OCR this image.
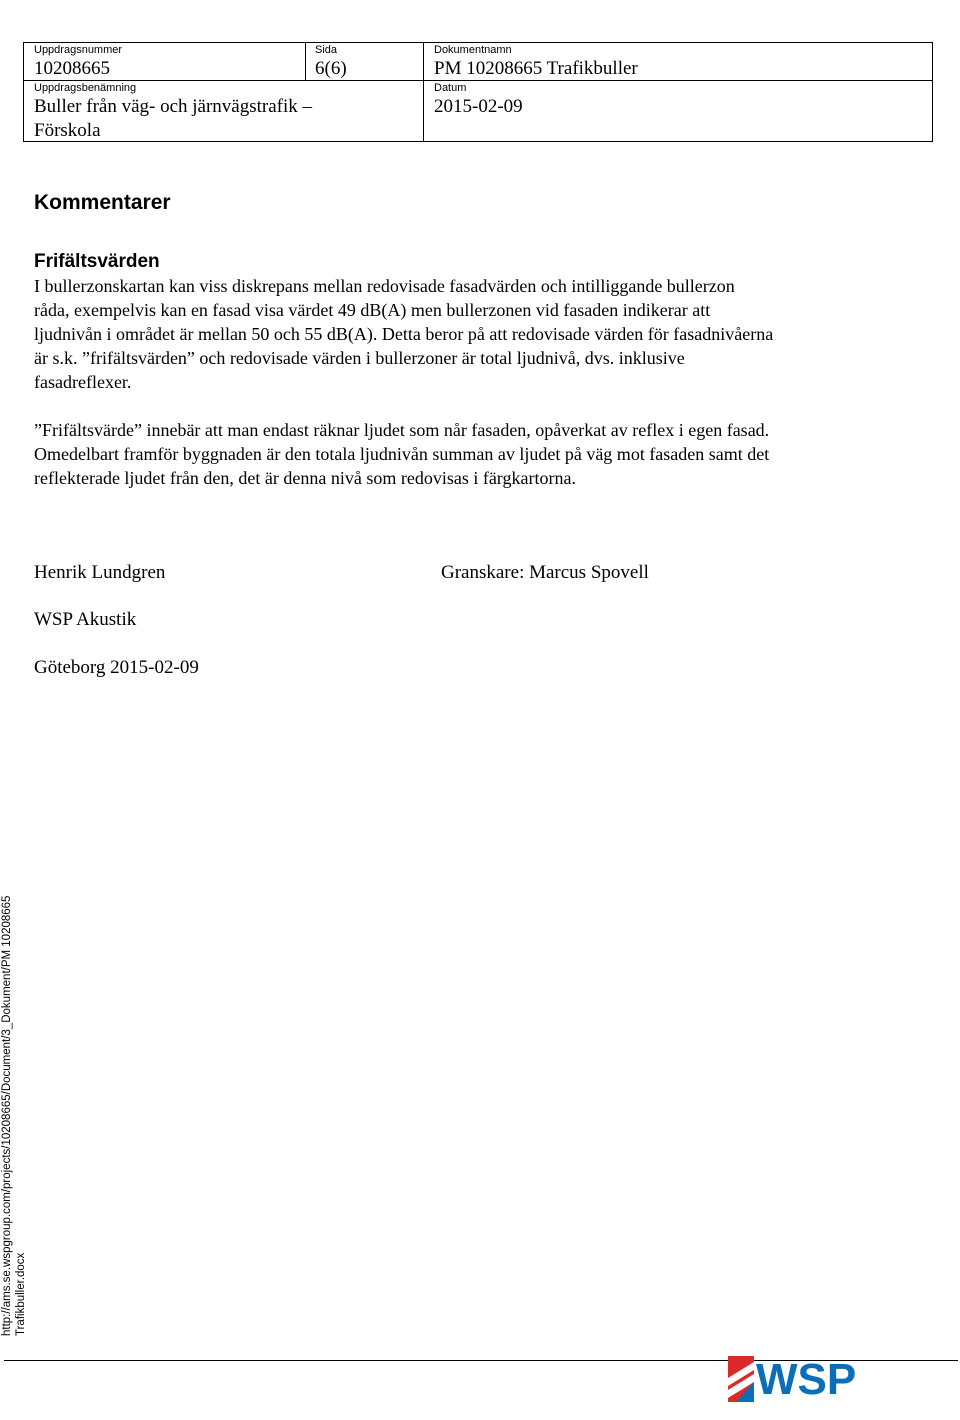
Uppdragsnummer
10208665
Sida
6(6)
Dokumentnamn
PM 10208665 Trafikbuller
Uppdragsbenämning
Buller från väg- och järnvägstrafik –
Förskola
Datum
2015-02-09
Kommentarer
Frifältsvärden

I bullerzonskartan kan viss diskrepans mellan redovisade fasadvärden och intilliggande bullerzon råda, exempelvis kan en fasad visa värdet 49 dB(A) men bullerzonen vid fasaden indikerar att ljudnivån i området är mellan 50 och 55 dB(A). Detta beror på att redovisade värden för fasadnivåerna är s.k. ”frifältsvärden” och redovisade värden i bullerzoner är total ljudnivå, dvs. inklusive fasadreflexer.

”Frifältsvärde” innebär att man endast räknar ljudet som når fasaden, opåverkat av reflex i egen fasad. Omedelbart framför byggnaden är den totala ljudnivån summan av ljudet på väg mot fasaden samt det reflekterade ljudet från den, det är denna nivå som redovisas i färgkartorna.

Henrik Lundgren	Granskare: Marcus Spovell

WSP Akustik

Göteborg 2015-02-09

http://ams.se.wspgroup.com/projects/10208665/Document/3_Dokument/PM 10208665 Trafikbuller.docx
WSP
